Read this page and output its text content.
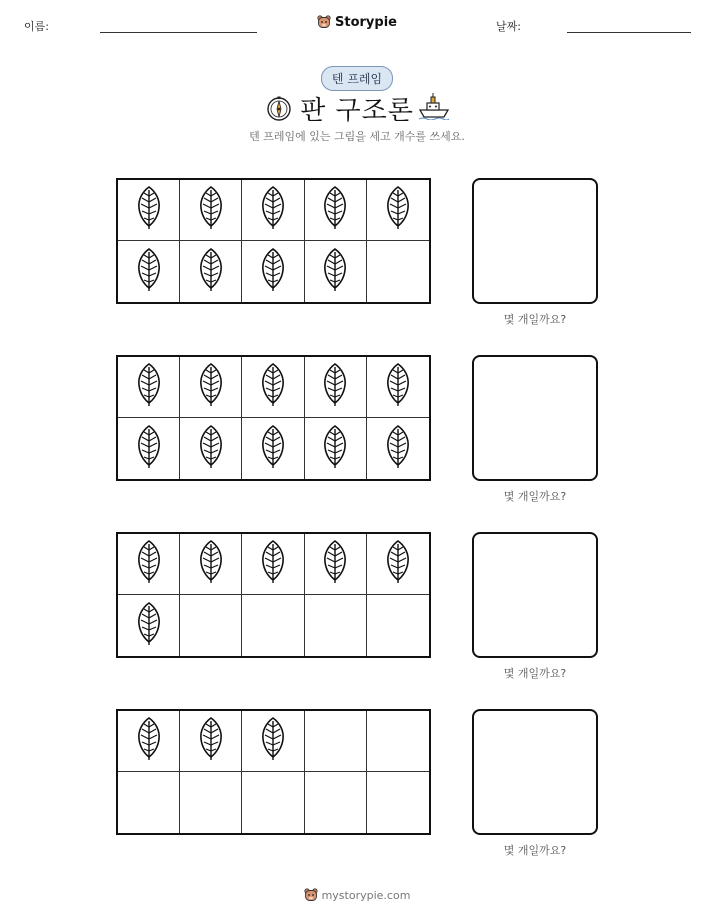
이름:	Storypie	날짜:
텐 프레임
판 구조론
텐 프레임에 있는 그림을 세고 개수를 쓰세요.
몇 개일까요?
몇 개일까요?
몇 개일까요?
몇 개일까요?
mystorypie.com
